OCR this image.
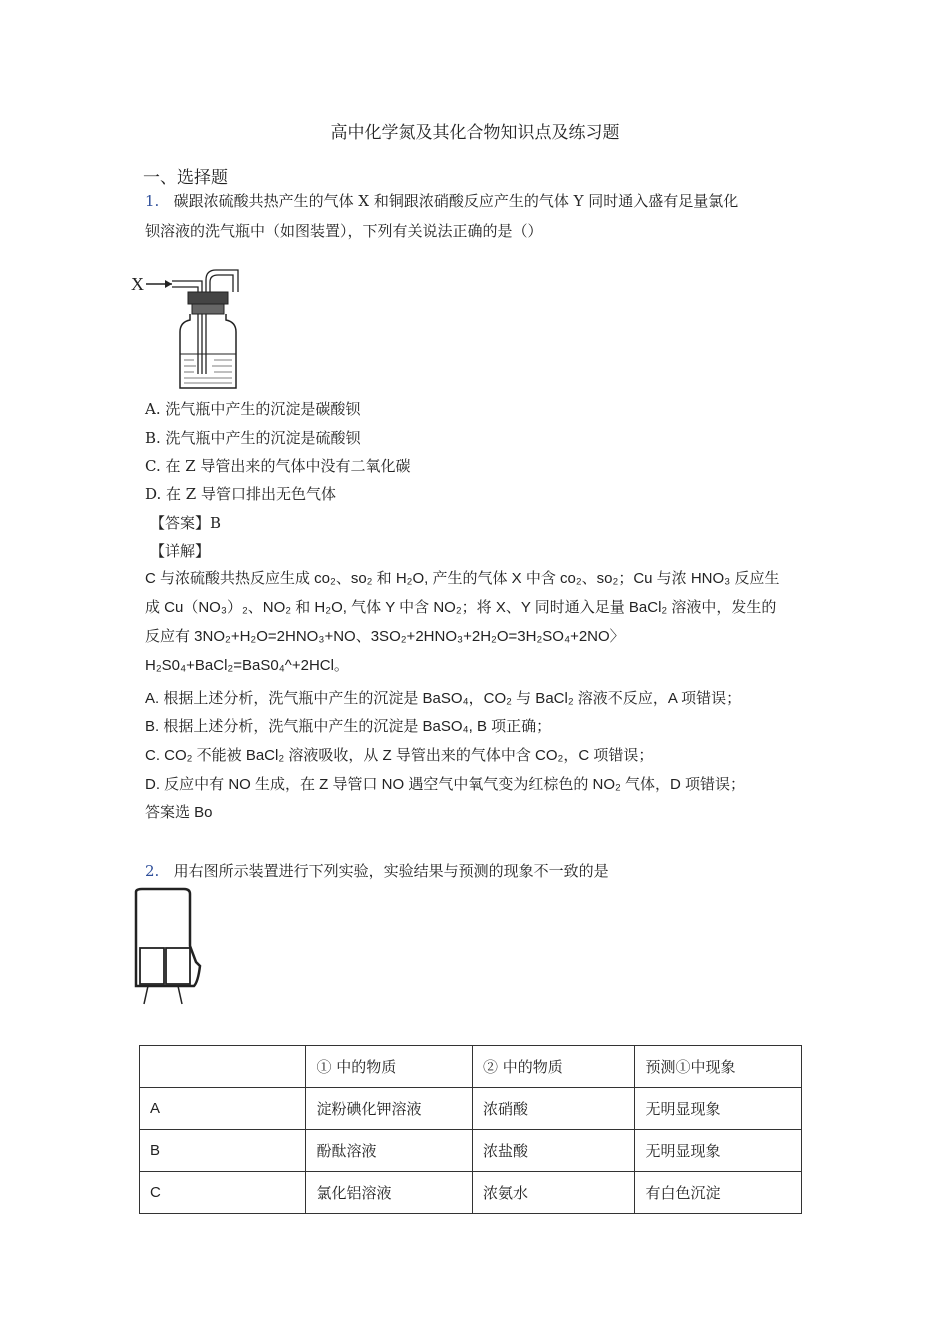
高中化学氮及其化合物知识点及练习题
一、选择题
1. 碳跟浓硫酸共热产生的气体 X 和铜跟浓硝酸反应产生的气体 Y 同时通入盛有足量氯化
钡溶液的洗气瓶中（如图装置），下列有关说法正确的是（）
X
A. 洗气瓶中产生的沉淀是碳酸钡
B. 洗气瓶中产生的沉淀是硫酸钡
C. 在 Z 导管出来的气体中没有二氧化碳
D. 在 Z 导管口排出无色气体
【答案】B
【详解】
C 与浓硫酸共热反应生成 co₂、so₂ 和 H₂O, 产生的气体 X 中含 co₂、so₂；Cu 与浓 HNO₃ 反应生
成 Cu（NO₃）₂、NO₂ 和 H₂O, 气体 Y 中含 NO₂；将 X、Y 同时通入足量 BaCl₂ 溶液中，发生的
反应有 3NO₂+H₂O=2HNO₃+NO、3SO₂+2HNO₃+2H₂O=3H₂SO₄+2NO〉
H₂S0₄+BaCl₂=BaS0₄^+2HCl。
A. 根据上述分析，洗气瓶中产生的沉淀是 BaSO₄，CO₂ 与 BaCl₂ 溶液不反应，A 项错误；
B. 根据上述分析，洗气瓶中产生的沉淀是 BaSO₄, B 项正确；
C. CO₂ 不能被 BaCl₂ 溶液吸收，从 Z 导管出来的气体中含 CO₂，C 项错误；
D. 反应中有 NO 生成，在 Z 导管口 NO 遇空气中氧气变为红棕色的 NO₂ 气体，D 项错误；
答案选 Bo
2. 用右图所示装置进行下列实验，实验结果与预测的现象不一致的是
	① 中的物质	② 中的物质	预测①中现象
A	淀粉碘化钾溶液	浓硝酸	无明显现象
B	酚酞溶液	浓盐酸	无明显现象
C	氯化铝溶液	浓氨水	有白色沉淀
